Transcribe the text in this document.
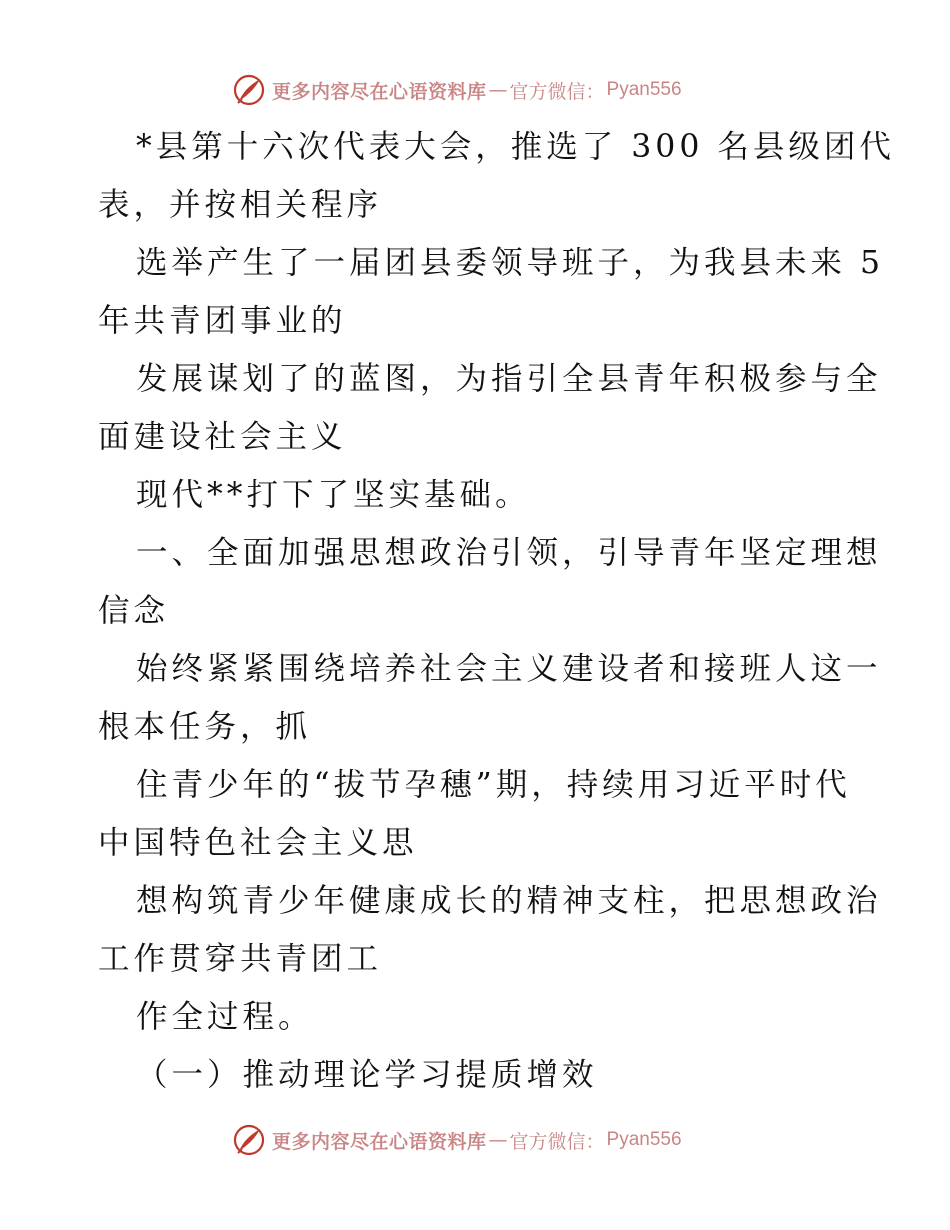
更多内容尽在心语资料库 — 官方微信： Pyan556
*县第十六次代表大会，推选了 300 名县级团代
表，并按相关程序
选举产生了一届团县委领导班子，为我县未来 5
年共青团事业的
发展谋划了的蓝图，为指引全县青年积极参与全
面建设社会主义
现代**打下了坚实基础。
一、全面加强思想政治引领，引导青年坚定理想
信念
始终紧紧围绕培养社会主义建设者和接班人这一
根本任务，抓
住青少年的“拔节孕穗”期，持续用习近平时代
中国特色社会主义思
想构筑青少年健康成长的精神支柱，把思想政治
工作贯穿共青团工
作全过程。
（一）推动理论学习提质增效
更多内容尽在心语资料库 — 官方微信： Pyan556
